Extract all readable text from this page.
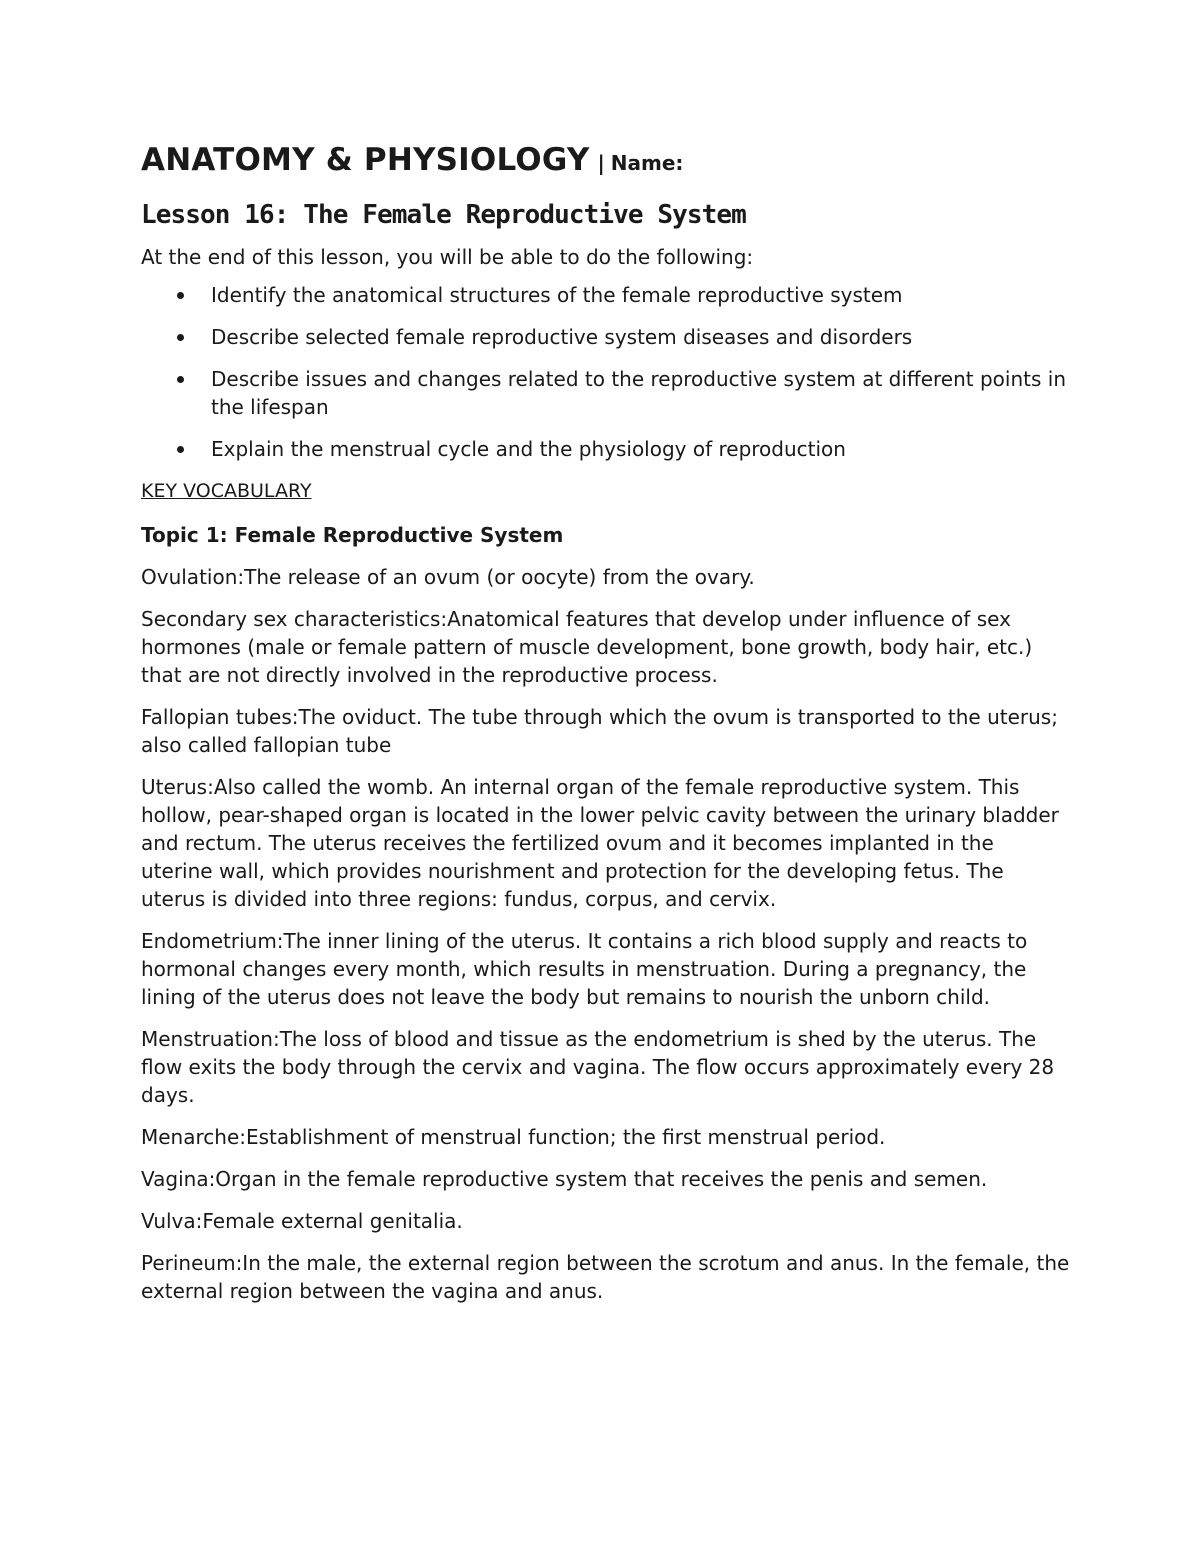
ANATOMY & PHYSIOLOGY | Name:

Lesson 16: The Female Reproductive System

At the end of this lesson, you will be able to do the following:

Identify the anatomical structures of the female reproductive system
Describe selected female reproductive system diseases and disorders
Describe issues and changes related to the reproductive system at different points in the lifespan
Explain the menstrual cycle and the physiology of reproduction

KEY VOCABULARY

Topic 1: Female Reproductive System

Ovulation:The release of an ovum (or oocyte) from the ovary.

Secondary sex characteristics:Anatomical features that develop under influence of sex hormones (male or female pattern of muscle development, bone growth, body hair, etc.) that are not directly involved in the reproductive process.

Fallopian tubes:The oviduct. The tube through which the ovum is transported to the uterus; also called fallopian tube

Uterus:Also called the womb. An internal organ of the female reproductive system. This hollow, pear-shaped organ is located in the lower pelvic cavity between the urinary bladder and rectum. The uterus receives the fertilized ovum and it becomes implanted in the uterine wall, which provides nourishment and protection for the developing fetus. The uterus is divided into three regions: fundus, corpus, and cervix.

Endometrium:The inner lining of the uterus. It contains a rich blood supply and reacts to hormonal changes every month, which results in menstruation. During a pregnancy, the lining of the uterus does not leave the body but remains to nourish the unborn child.

Menstruation:The loss of blood and tissue as the endometrium is shed by the uterus. The flow exits the body through the cervix and vagina. The flow occurs approximately every 28 days.

Menarche:Establishment of menstrual function; the first menstrual period.

Vagina:Organ in the female reproductive system that receives the penis and semen.

Vulva:Female external genitalia.

Perineum:In the male, the external region between the scrotum and anus. In the female, the external region between the vagina and anus.
